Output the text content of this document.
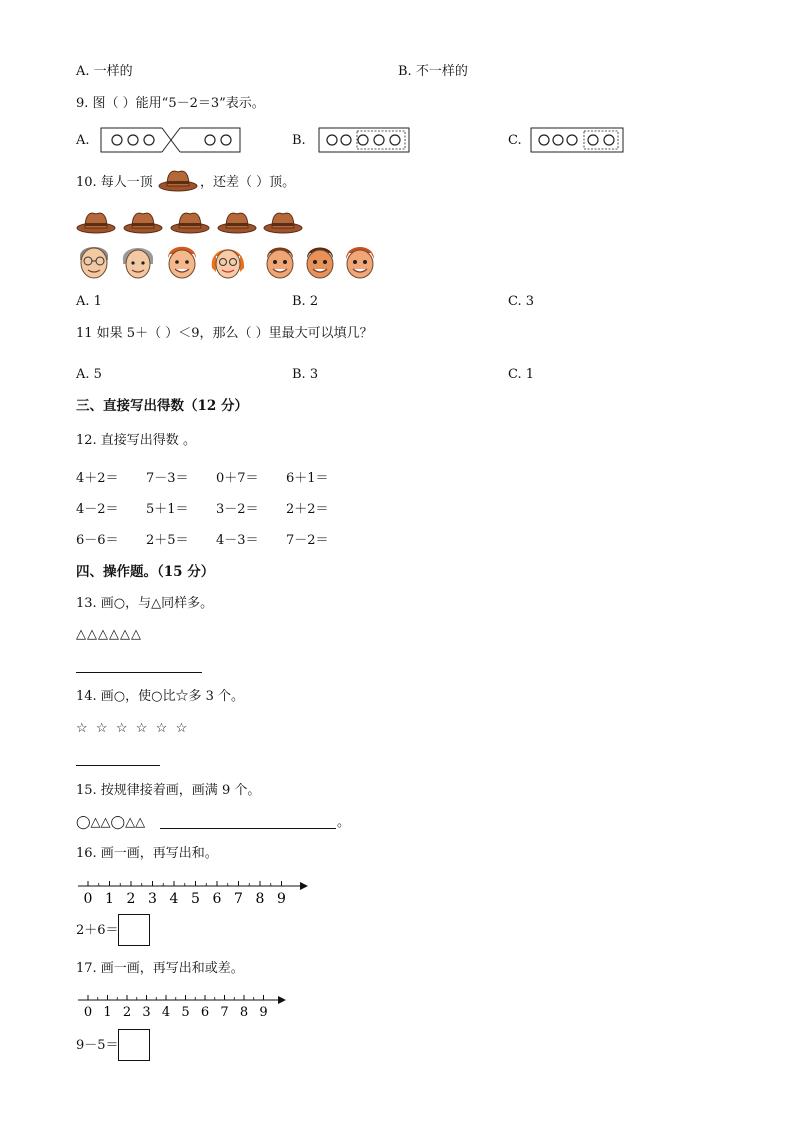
A. 一样的	B. 不一样的
9. 图（ ）能用“5－2＝3”表示。
A.	B.	C.
10. 每人一顶	，还差（ ）顶。
A. 1	B. 2	C. 3
11 如果 5＋（ ）＜9，那么（ ）里最大可以填几？
A. 5	B. 3	C. 1
三、直接写出得数（12 分）
12. 直接写出得数 。
4＋2＝ 7－3＝ 0＋7＝ 6＋1＝
4－2＝ 5＋1＝ 3－2＝ 2＋2＝
6－6＝ 2＋5＝ 4－3＝ 7－2＝
四、操作题。（15 分）
13. 画○，与△同样多。
△△△△△△
14. 画○，使○比☆多 3 个。
☆  ☆  ☆  ☆  ☆  ☆
15. 按规律接着画，画满 9 个。
◯△△◯△△	。
16. 画一画，再写出和。
0 1 2 3 4 5 6 7 8 9
2＋6＝
17. 画一画，再写出和或差。
0 1 2 3 4 5 6 7 8 9
9－5＝
